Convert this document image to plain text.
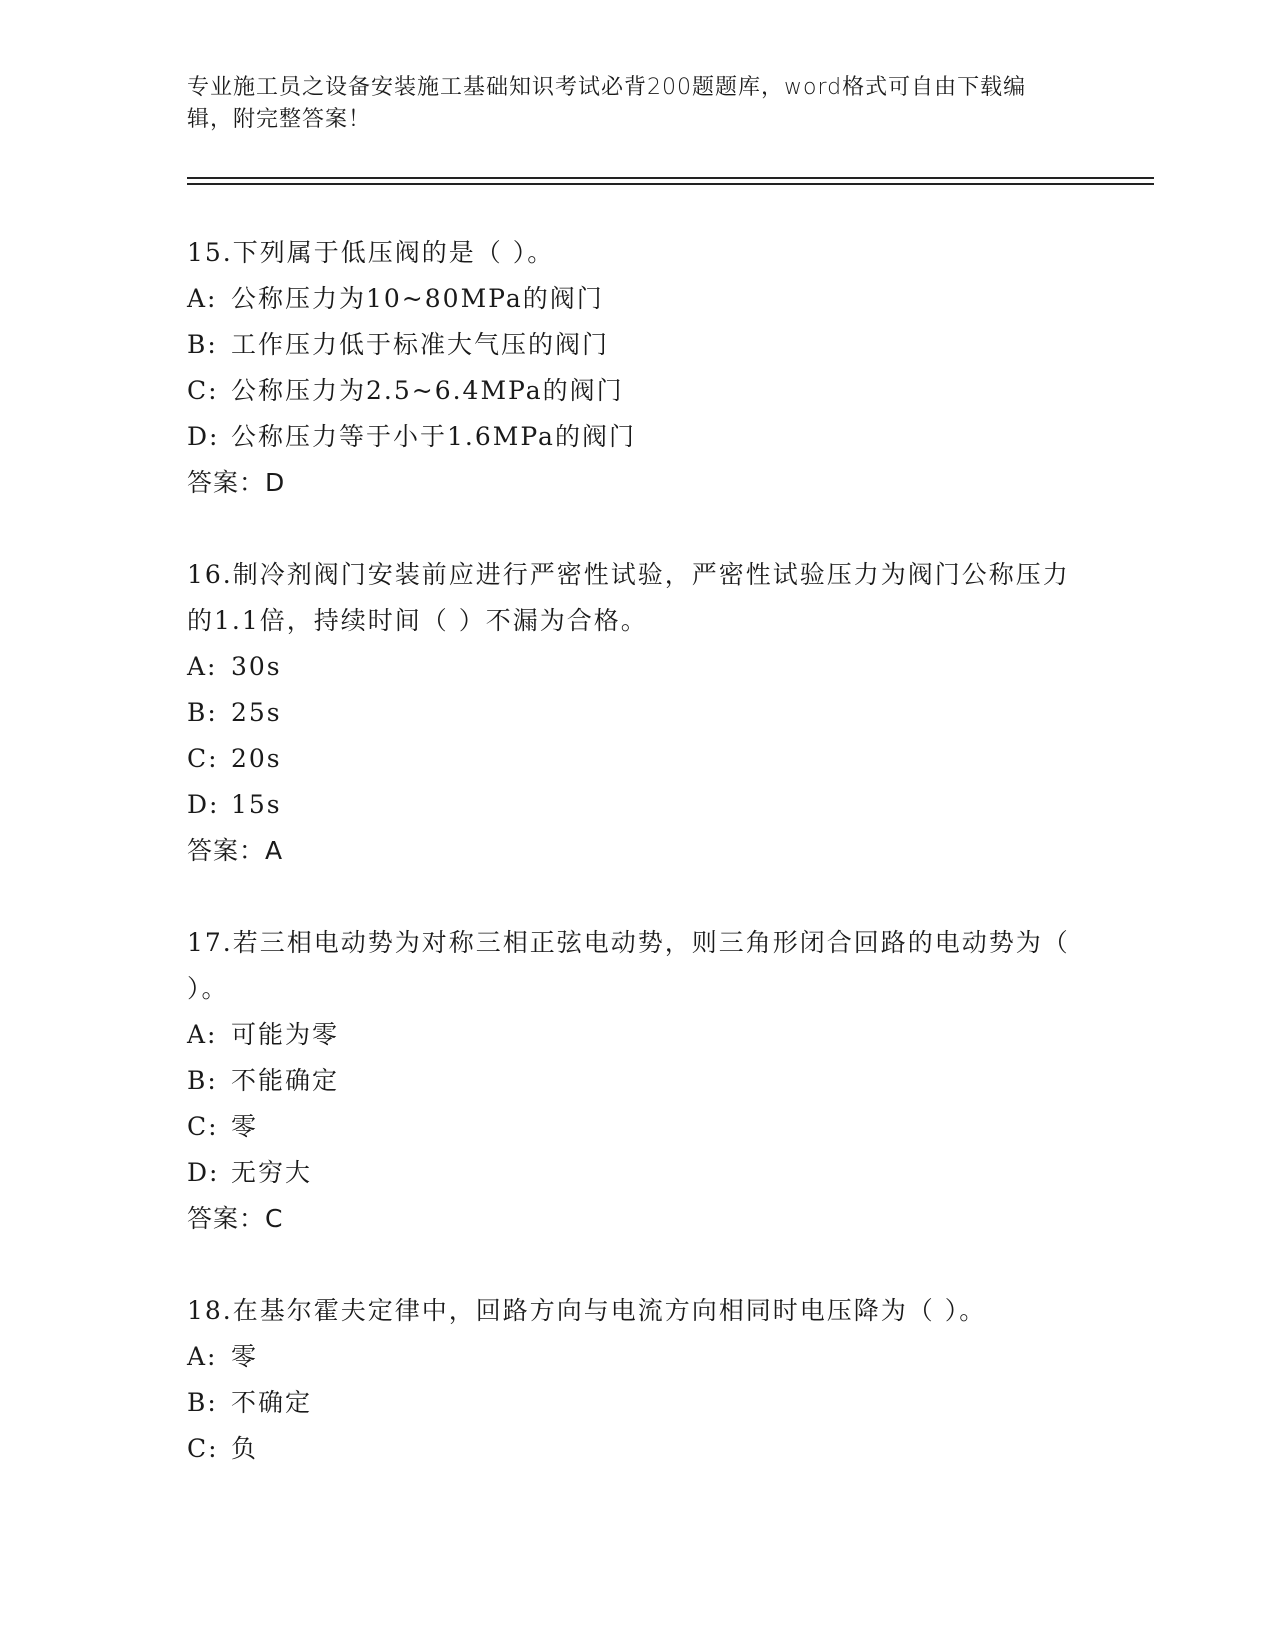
专业施工员之设备安装施工基础知识考试必背200题题库，word格式可自由下载编辑，附完整答案！

15.下列属于低压阀的是（ ）。

A: 公称压力为10~80MPa的阀门

B: 工作压力低于标准大气压的阀门

C: 公称压力为2.5~6.4MPa的阀门

D: 公称压力等于小于1.6MPa的阀门

答案：D

16.制冷剂阀门安装前应进行严密性试验，严密性试验压力为阀门公称压力的1.1倍，持续时间（ ）不漏为合格。

A: 30s

B: 25s

C: 20s

D: 15s

答案：A

17.若三相电动势为对称三相正弦电动势，则三角形闭合回路的电动势为（ ）。

A: 可能为零

B: 不能确定

C: 零

D: 无穷大

答案：C

18.在基尔霍夫定律中，回路方向与电流方向相同时电压降为（ ）。

A: 零

B: 不确定

C: 负
